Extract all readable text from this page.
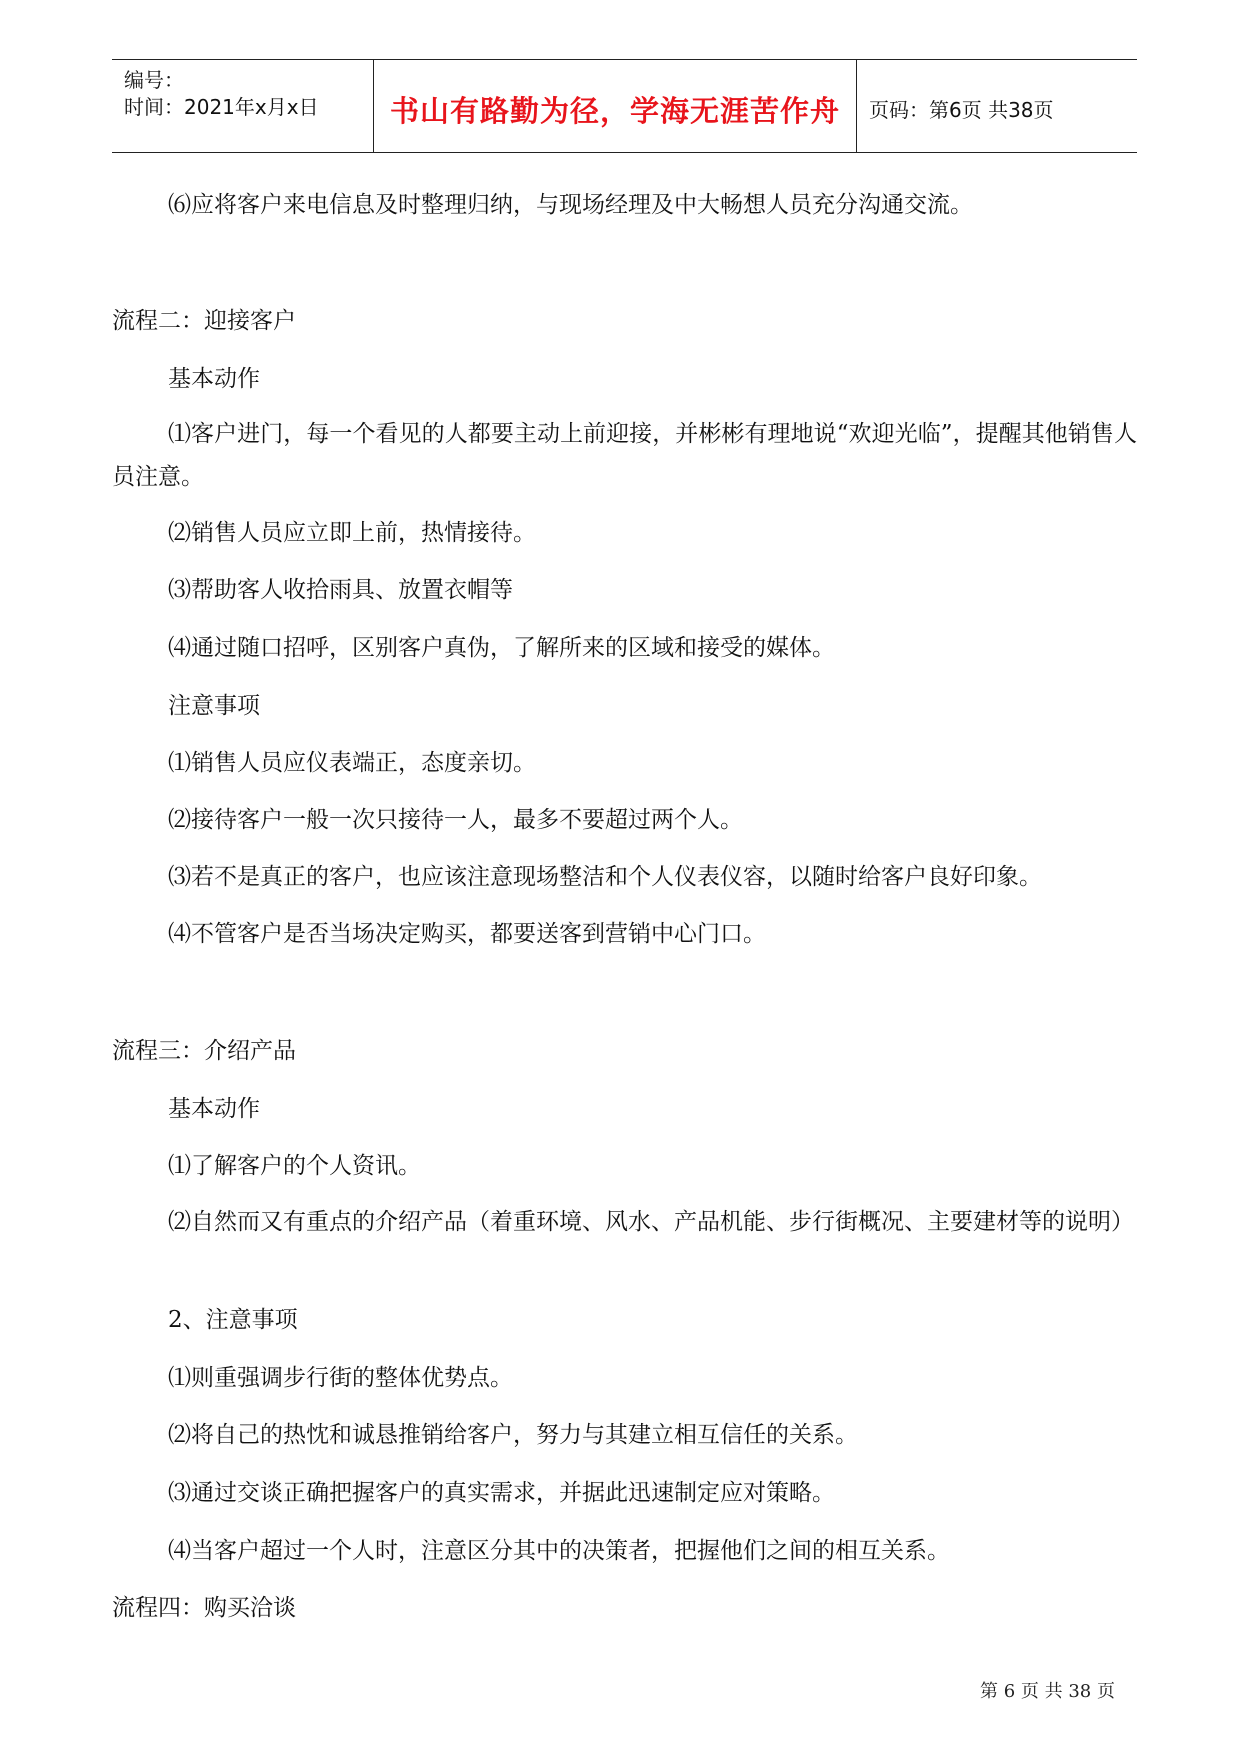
编号：
时间：2021年x月x日	书山有路勤为径，学海无涯苦作舟	页码：第6页 共38页
⑹应将客户来电信息及时整理归纳，与现场经理及中大畅想人员充分沟通交流。
流程二：迎接客户
基本动作
⑴客户进门，每一个看见的人都要主动上前迎接，并彬彬有理地说“欢迎光临”，提醒其他销售人员注意。
⑵销售人员应立即上前，热情接待。
⑶帮助客人收拾雨具、放置衣帽等
⑷通过随口招呼，区别客户真伪，了解所来的区域和接受的媒体。
注意事项
⑴销售人员应仪表端正，态度亲切。
⑵接待客户一般一次只接待一人，最多不要超过两个人。
⑶若不是真正的客户，也应该注意现场整洁和个人仪表仪容，以随时给客户良好印象。
⑷不管客户是否当场决定购买，都要送客到营销中心门口。
流程三：介绍产品
基本动作
⑴了解客户的个人资讯。
⑵自然而又有重点的介绍产品（着重环境、风水、产品机能、步行街概况、主要建材等的说明）
2、注意事项
⑴则重强调步行街的整体优势点。
⑵将自己的热忱和诚恳推销给客户，努力与其建立相互信任的关系。
⑶通过交谈正确把握客户的真实需求，并据此迅速制定应对策略。
⑷当客户超过一个人时，注意区分其中的决策者，把握他们之间的相互关系。
流程四：购买洽谈
第 6 页 共 38 页
